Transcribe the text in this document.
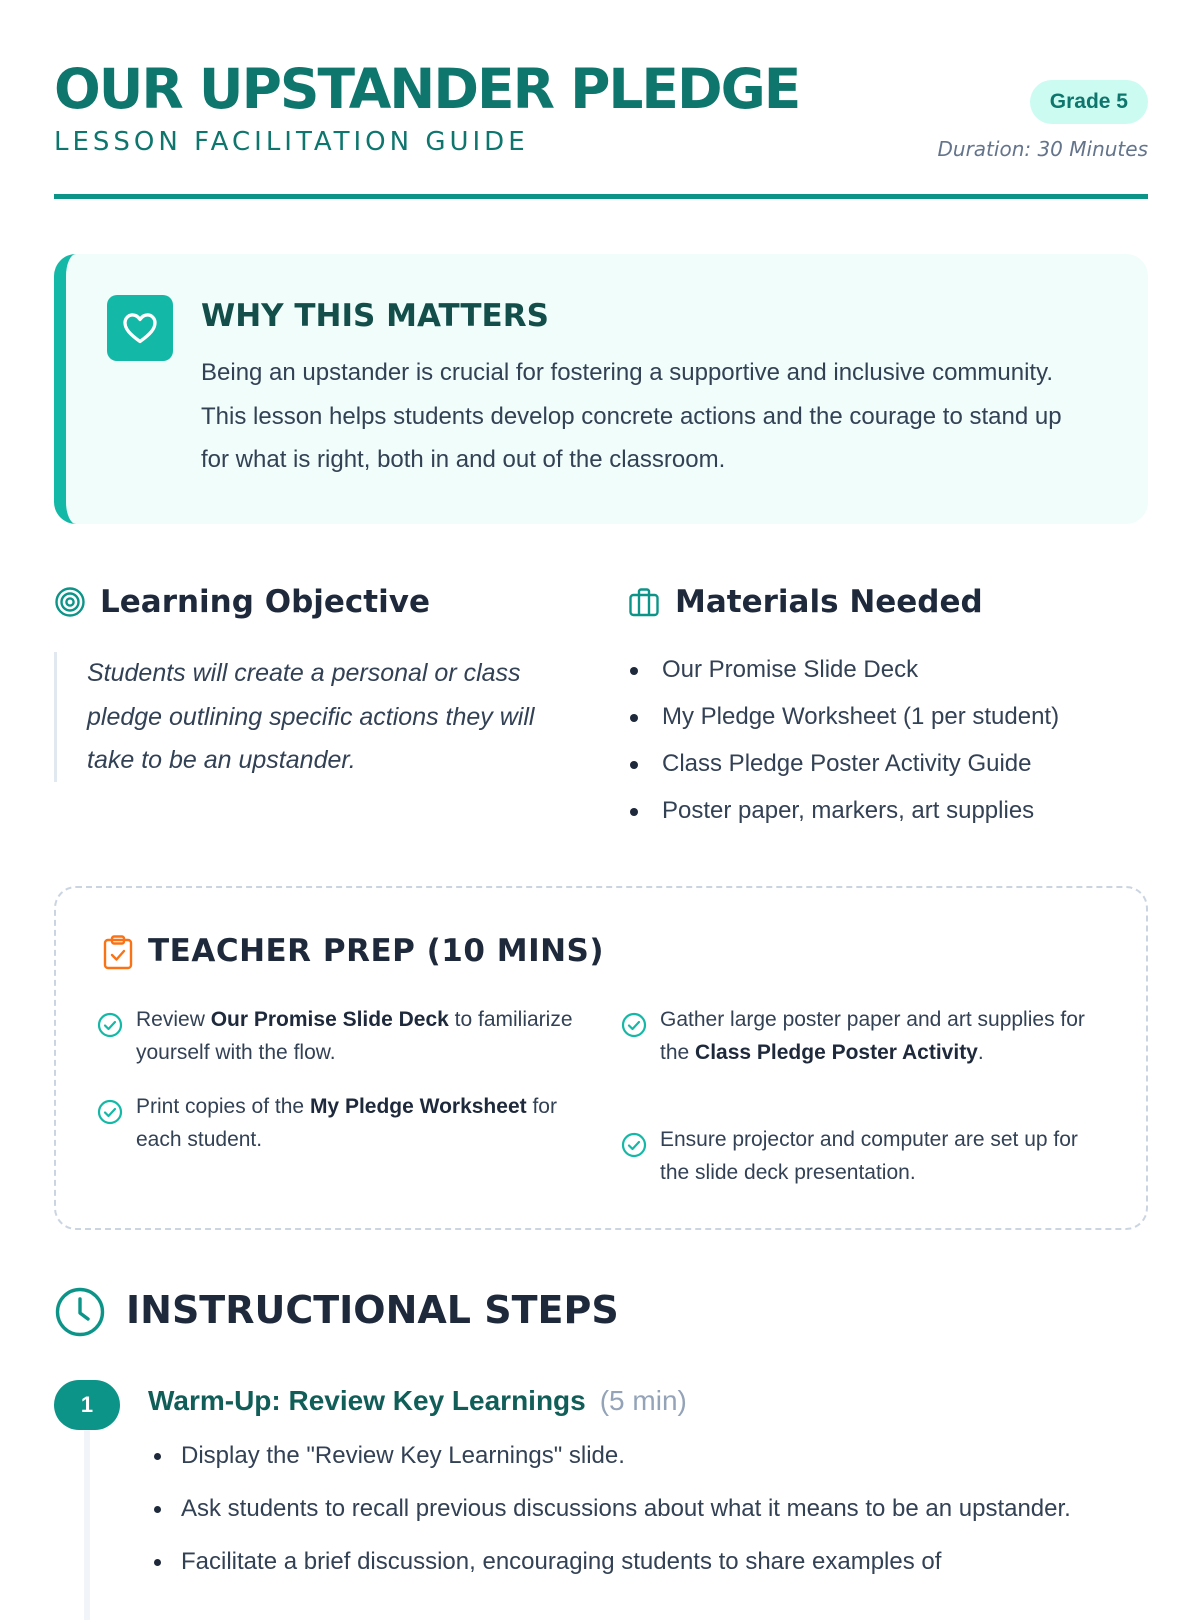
OUR UPSTANDER PLEDGE
LESSON FACILITATION GUIDE
Grade 5
Duration: 30 Minutes
WHY THIS MATTERS
Being an upstander is crucial for fostering a supportive and inclusive community. This lesson helps students develop concrete actions and the courage to stand up for what is right, both in and out of the classroom.
Learning Objective
Students will create a personal or class pledge outlining specific actions they will take to be an upstander.
Materials Needed
Our Promise Slide Deck
My Pledge Worksheet (1 per student)
Class Pledge Poster Activity Guide
Poster paper, markers, art supplies
TEACHER PREP (10 MINS)
Review Our Promise Slide Deck to familiarize yourself with the flow.
Print copies of the My Pledge Worksheet for each student.
Gather large poster paper and art supplies for the Class Pledge Poster Activity.
Ensure projector and computer are set up for the slide deck presentation.
INSTRUCTIONAL STEPS
1	Warm-Up: Review Key Learnings (5 min)
Display the "Review Key Learnings" slide.
Ask students to recall previous discussions about what it means to be an upstander.
Facilitate a brief discussion, encouraging students to share examples of
